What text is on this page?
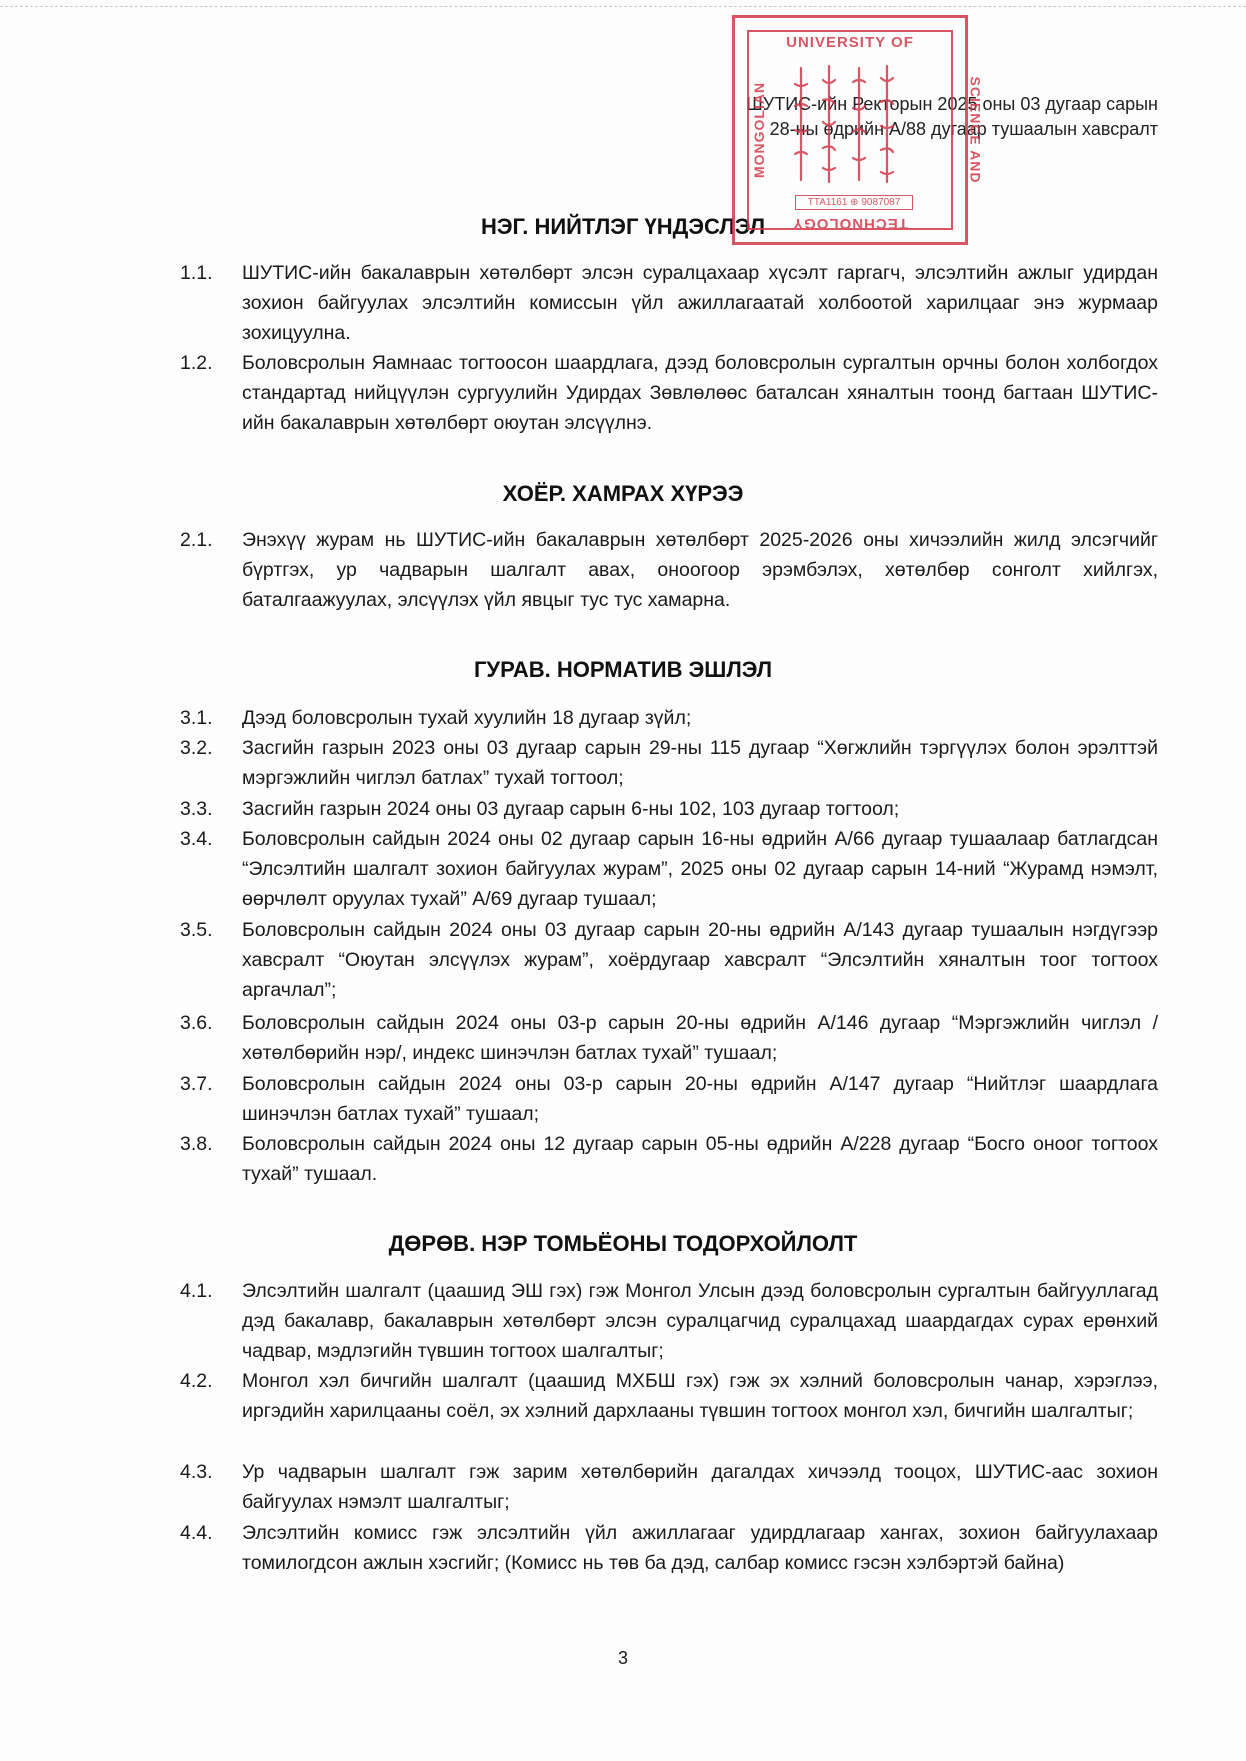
ШУТИС-ийн Ректорын 2025 оны 03 дугаар сарын
28-ны өдрийн А/88 дугаар тушаалын хавсралт
НЭГ. НИЙТЛЭГ ҮНДЭСЛЭЛ
1.1.	ШУТИС-ийн бакалаврын хөтөлбөрт элсэн суралцахаар хүсэлт гаргагч, элсэлтийн ажлыг удирдан зохион байгуулах элсэлтийн комиссын үйл ажиллагаатай холбоотой харилцааг энэ журмаар зохицуулна.
1.2.	Боловсролын Яамнаас тогтоосон шаардлага, дээд боловсролын сургалтын орчны болон холбогдох стандартад нийцүүлэн сургуулийн Удирдах Зөвлөлөөс баталсан хяналтын тоонд багтаан ШУТИС-ийн бакалаврын хөтөлбөрт оюутан элсүүлнэ.
ХОЁР. ХАМРАХ ХҮРЭЭ
2.1.	Энэхүү журам нь ШУТИС-ийн бакалаврын хөтөлбөрт 2025-2026 оны хичээлийн жилд элсэгчийг бүртгэх, ур чадварын шалгалт авах, оноогоор эрэмбэлэх, хөтөлбөр сонголт хийлгэх, баталгаажуулах, элсүүлэх үйл явцыг тус тус хамарна.
ГУРАВ. НОРМАТИВ ЭШЛЭЛ
3.1.	Дээд боловсролын тухай хуулийн 18 дугаар зүйл;
3.2.	Засгийн газрын 2023 оны 03 дугаар сарын 29-ны 115 дугаар “Хөгжлийн тэргүүлэх болон эрэлттэй мэргэжлийн чиглэл батлах” тухай тогтоол;
3.3.	Засгийн газрын 2024 оны 03 дугаар сарын 6-ны 102, 103 дугаар тогтоол;
3.4.	Боловсролын сайдын 2024 оны 02 дугаар сарын 16-ны өдрийн А/66 дугаар тушаалаар батлагдсан “Элсэлтийн шалгалт зохион байгуулах журам”, 2025 оны 02 дугаар сарын 14-ний “Журамд нэмэлт, өөрчлөлт оруулах тухай” А/69 дугаар тушаал;
3.5.	Боловсролын сайдын 2024 оны 03 дугаар сарын 20-ны өдрийн А/143 дугаар тушаалын нэгдүгээр хавсралт “Оюутан элсүүлэх журам”, хоёрдугаар хавсралт “Элсэлтийн хяналтын тоог тогтоох аргачлал”;
3.6.	Боловсролын сайдын 2024 оны 03-р сарын 20-ны өдрийн А/146 дугаар “Мэргэжлийн чиглэл /хөтөлбөрийн нэр/, индекс шинэчлэн батлах тухай” тушаал;
3.7.	Боловсролын сайдын 2024 оны 03-р сарын 20-ны өдрийн А/147 дугаар “Нийтлэг шаардлага шинэчлэн батлах тухай” тушаал;
3.8.	Боловсролын сайдын 2024 оны 12 дугаар сарын 05-ны өдрийн А/228 дугаар “Босго оноог тогтоох тухай” тушаал.
ДӨРӨВ. НЭР ТОМЬЁОНЫ ТОДОРХОЙЛОЛТ
4.1.	Элсэлтийн шалгалт (цаашид ЭШ гэх) гэж Монгол Улсын дээд боловсролын сургалтын байгууллагад дэд бакалавр, бакалаврын хөтөлбөрт элсэн суралцагчид суралцахад шаардагдах сурах ерөнхий чадвар, мэдлэгийн түвшин тогтоох шалгалтыг;
4.2.	Монгол хэл бичгийн шалгалт (цаашид МХБШ гэх) гэж эх хэлний боловсролын чанар, хэрэглээ, иргэдийн харилцааны соёл, эх хэлний дархлааны түвшин тогтоох монгол хэл, бичгийн шалгалтыг;
4.3.	Ур чадварын шалгалт гэж зарим хөтөлбөрийн дагалдах хичээлд тооцох, ШУТИС-аас зохион байгуулах нэмэлт шалгалтыг;
4.4.	Элсэлтийн комисс гэж элсэлтийн үйл ажиллагааг удирдлагаар хангах, зохион байгуулахаар томилогдсон ажлын хэсгийг; (Комисс нь төв ба дэд, салбар комисс гэсэн хэлбэртэй байна)
3
UNIVERSITY OF
MONGOLIAN	SCIENCE AND
TTA1161 ⊕ 9087087
TECHNOLOGY
